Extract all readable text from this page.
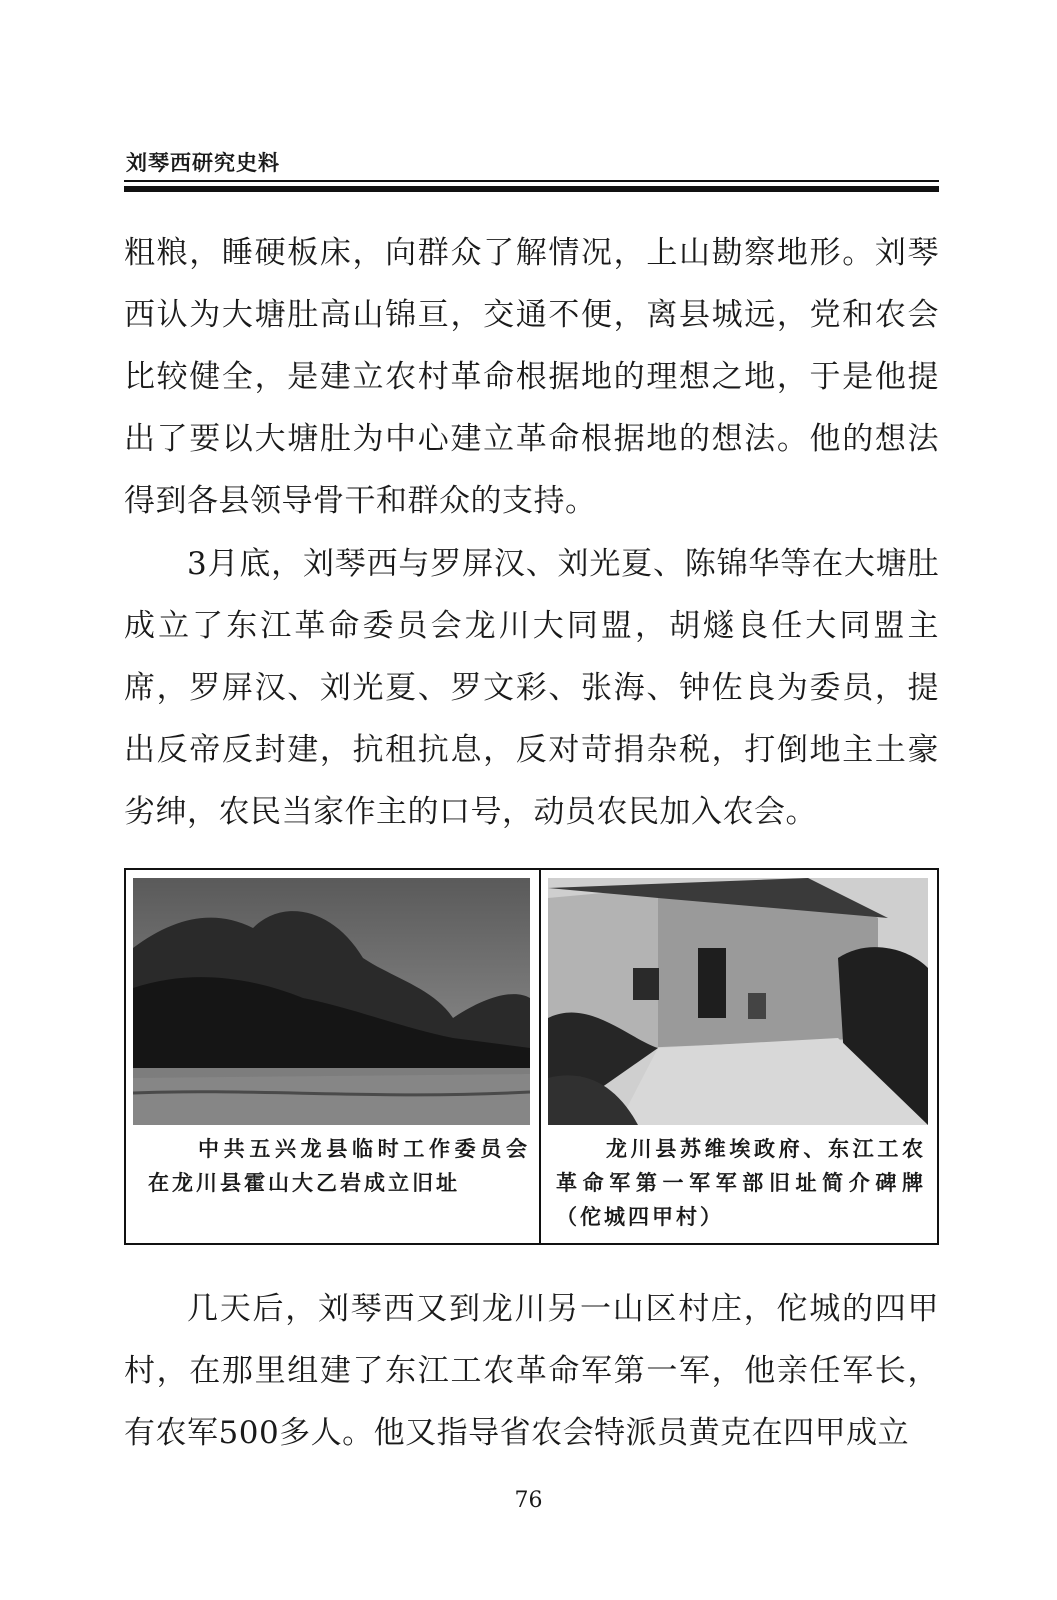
刘琴西研究史料

粗粮，睡硬板床，向群众了解情况，上山勘察地形。刘琴西认为大塘肚高山锦亘，交通不便，离县城远，党和农会比较健全，是建立农村革命根据地的理想之地，于是他提出了要以大塘肚为中心建立革命根据地的想法。他的想法得到各县领导骨干和群众的支持。

3月底，刘琴西与罗屏汉、刘光夏、陈锦华等在大塘肚成立了东江革命委员会龙川大同盟，胡燧良任大同盟主席，罗屏汉、刘光夏、罗文彩、张海、钟佐良为委员，提出反帝反封建，抗租抗息，反对苛捐杂税，打倒地主土豪劣绅，农民当家作主的口号，动员农民加入农会。

中共五兴龙县临时工作委员会在龙川县霍山大乙岩成立旧址
龙川县苏维埃政府、东江工农革命军第一军军部旧址简介碑牌（佗城四甲村）

几天后，刘琴西又到龙川另一山区村庄，佗城的四甲村，在那里组建了东江工农革命军第一军，他亲任军长，有农军500多人。他又指导省农会特派员黄克在四甲成立

76
